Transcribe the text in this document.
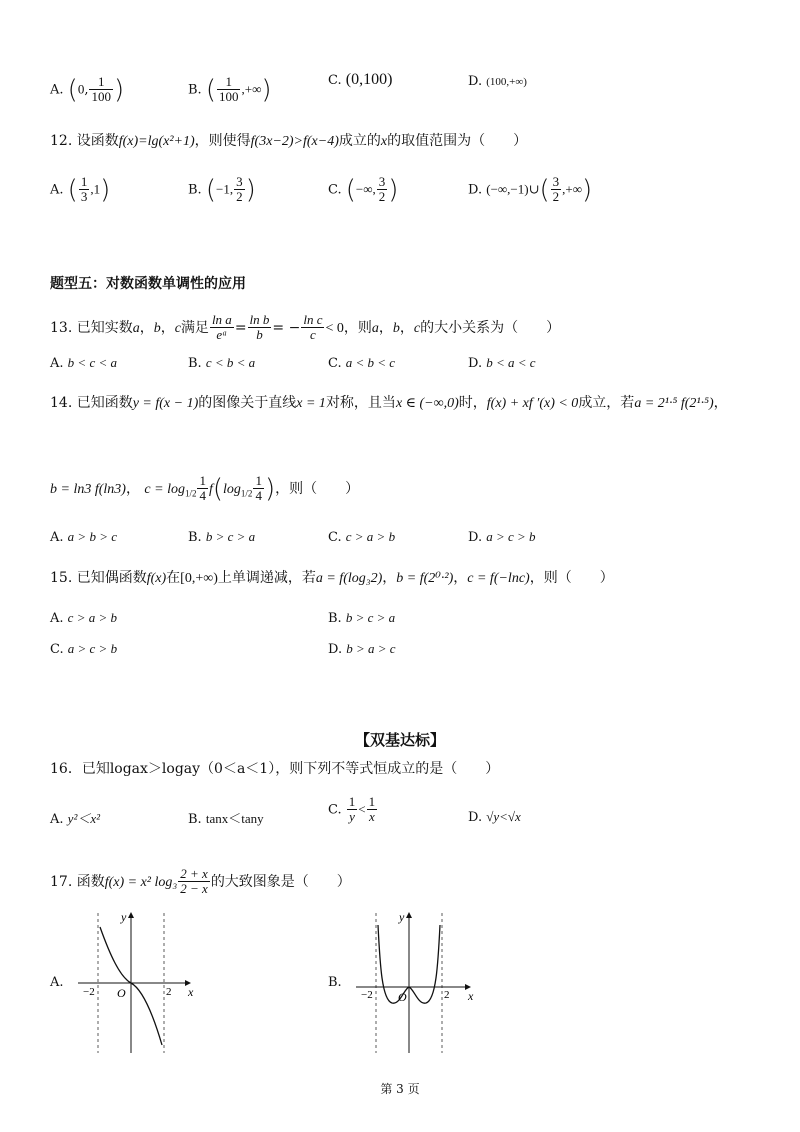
A. (0, $\frac{1}{100}$ )	B. ( $\frac{1}{100}$ ,+∞)	C. (0,100)	D. (100,+∞)
12. 设函数f(x)=lg(x²+1)，则使得f(3x−2)>f(x−4)成立的x的取值范围为（　　）
A. ( $\frac{1}{3} ,1$)	B. (−1, $\frac{3}{2}$ )	C. (−∞, $\frac{3}{2}$ )	D. (−∞,−1)∪( $\frac{3}{2}$ ,+∞)
题型五：对数函数单调性的应用
13. 已知实数a，b，c满足 $\frac{\text{ln a}}{\text{eᵃ}} = \frac{\text{ln b}}{b}$ = − $\frac{\text{ln c}}{c} < 0$，则a，b，c的大小关系为（　　）
A. b < c < a	B. c < b < a	C. a < b < c	D. b < a < c
14. 已知函数y = f(x − 1)的图像关于直线x = 1对称，且当x ∈ (−∞,0)时，f(x) + xf ′(x) < 0成立，若a = 2¹·⁵ f(2¹·⁵)，
b = ln3 f(ln3)， $c = \log_{1/2} \frac{1}{4} f(\log_{1/2} \frac{1}{4}$ )，则（　　）
A. a > b > c	B. b > c > a	C. c > a > b	D. a > c > b
15. 已知偶函数f(x)在[0,+∞)上单调递减，若a = f(log₃2)，b = f(2⁰·²)，c = f(−lnc)，则（　　）
A. c > a > b	B. b > c > a
C. a > c > b	D. b > a > c
【双基达标】
16．已知logax＞logay（0＜a＜1），则下列不等式恒成立的是（　　）
A. y²＜x²	B. tanx＜tany
C. $\frac{1}{y} < \frac{1}{x}$	D. √y<√x
17. 函数f(x) = x² $\log_3 \frac{2 + x}{2 - x}$ 的大致图象是（　　）
A.
y
x
O
−2	2
B.
y
x
O
−2	2
第 3 页
